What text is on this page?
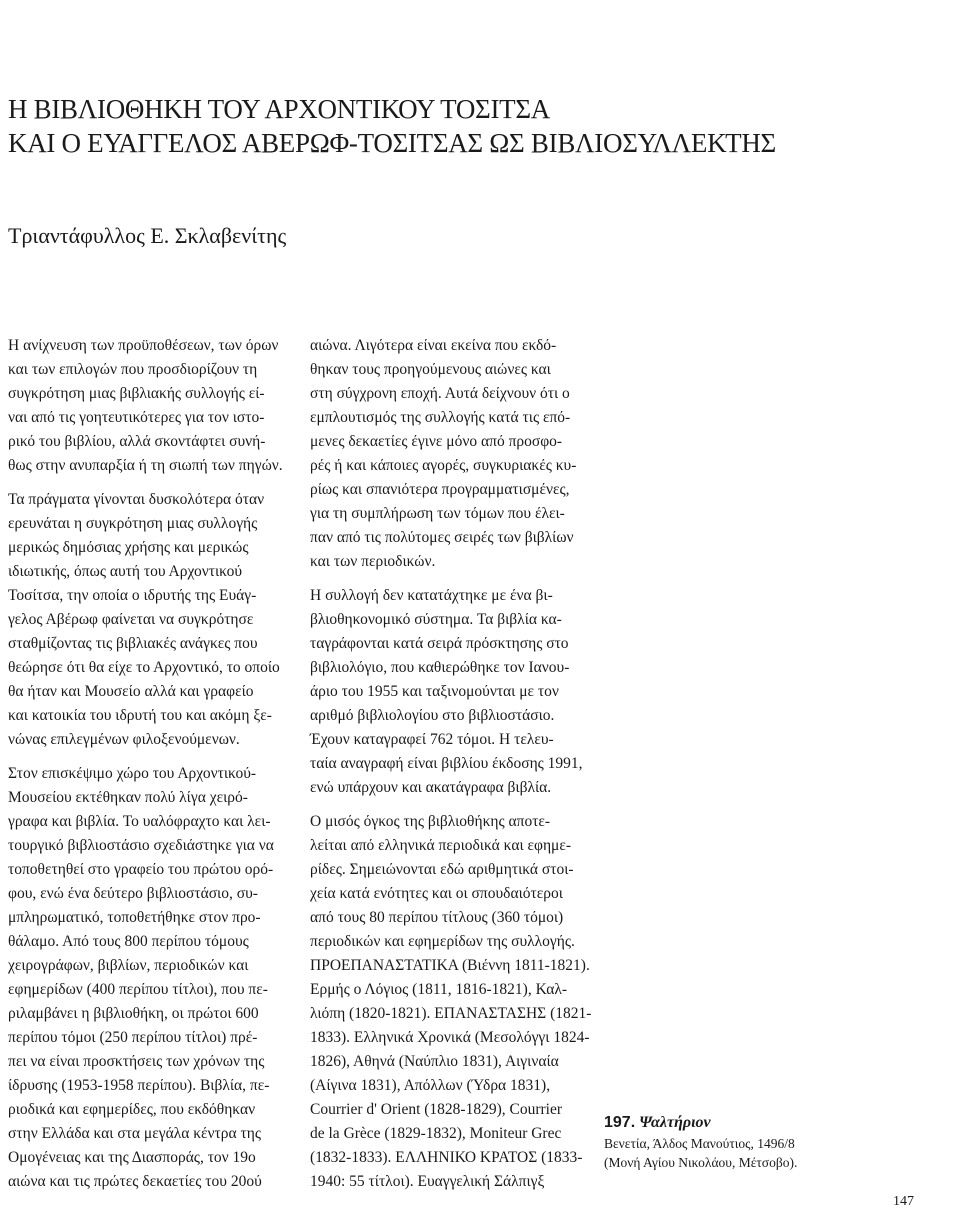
Η ΒΙΒΛΙΟΘΗΚΗ ΤΟΥ ΑΡΧΟΝΤΙΚΟΥ ΤΟΣΙΤΣΑ
ΚΑΙ Ο ΕΥΑΓΓΕΛΟΣ ΑΒΕΡΩΦ-ΤΟΣΙΤΣΑΣ ΩΣ ΒΙΒΛΙΟΣΥΛΛΕΚΤΗΣ
Τριαντάφυλλος Ε. Σκλαβενίτης

Η ανίχνευση των προϋποθέσεων, των όρων
και των επιλογών που προσδιορίζουν τη
συγκρότηση μιας βιβλιακής συλλογής εί-
ναι από τις γοητευτικότερες για τον ιστο-
ρικό του βιβλίου, αλλά σκοντάφτει συνή-
θως στην ανυπαρξία ή τη σιωπή των πηγών.

Τα πράγματα γίνονται δυσκολότερα όταν
ερευνάται η συγκρότηση μιας συλλογής
μερικώς δημόσιας χρήσης και μερικώς
ιδιωτικής, όπως αυτή του Αρχοντικού
Τοσίτσα, την οποία ο ιδρυτής της Ευάγ-
γελος Αβέρωφ φαίνεται να συγκρότησε
σταθμίζοντας τις βιβλιακές ανάγκες που
θεώρησε ότι θα είχε το Αρχοντικό, το οποίο
θα ήταν και Μουσείο αλλά και γραφείο
και κατοικία του ιδρυτή του και ακόμη ξε-
νώνας επιλεγμένων φιλοξενούμενων.

Στον επισκέψιμο χώρο του Αρχοντικού-
Μουσείου εκτέθηκαν πολύ λίγα χειρό-
γραφα και βιβλία. Το υαλόφραχτο και λει-
τουργικό βιβλιοστάσιο σχεδιάστηκε για να
τοποθετηθεί στο γραφείο του πρώτου ορό-
φου, ενώ ένα δεύτερο βιβλιοστάσιο, συ-
μπληρωματικό, τοποθετήθηκε στον προ-
θάλαμο. Από τους 800 περίπου τόμους
χειρογράφων, βιβλίων, περιοδικών και
εφημερίδων (400 περίπου τίτλοι), που πε-
ριλαμβάνει η βιβλιοθήκη, οι πρώτοι 600
περίπου τόμοι (250 περίπου τίτλοι) πρέ-
πει να είναι προσκτήσεις των χρόνων της
ίδρυσης (1953-1958 περίπου). Βιβλία, πε-
ριοδικά και εφημερίδες, που εκδόθηκαν
στην Ελλάδα και στα μεγάλα κέντρα της
Ομογένειας και της Διασποράς, τον 19ο
αιώνα και τις πρώτες δεκαετίες του 20ού

αιώνα. Λιγότερα είναι εκείνα που εκδό-
θηκαν τους προηγούμενους αιώνες και
στη σύγχρονη εποχή. Αυτά δείχνουν ότι ο
εμπλουτισμός της συλλογής κατά τις επό-
μενες δεκαετίες έγινε μόνο από προσφο-
ρές ή και κάποιες αγορές, συγκυριακές κυ-
ρίως και σπανιότερα προγραμματισμένες,
για τη συμπλήρωση των τόμων που έλει-
παν από τις πολύτομες σειρές των βιβλίων
και των περιοδικών.

Η συλλογή δεν κατατάχτηκε με ένα βι-
βλιοθηκονομικό σύστημα. Τα βιβλία κα-
ταγράφονται κατά σειρά πρόσκτησης στο
βιβλιολόγιο, που καθιερώθηκε τον Ιανου-
άριο του 1955 και ταξινομούνται με τον
αριθμό βιβλιολογίου στο βιβλιοστάσιο.
Έχουν καταγραφεί 762 τόμοι. Η τελευ-
ταία αναγραφή είναι βιβλίου έκδοσης 1991,
ενώ υπάρχουν και ακατάγραφα βιβλία.

Ο μισός όγκος της βιβλιοθήκης αποτε-
λείται από ελληνικά περιοδικά και εφημε-
ρίδες. Σημειώνονται εδώ αριθμητικά στοι-
χεία κατά ενότητες και οι σπουδαιότεροι
από τους 80 περίπου τίτλους (360 τόμοι)
περιοδικών και εφημερίδων της συλλογής.
ΠΡΟΕΠΑΝΑΣΤΑΤΙΚΑ (Βιέννη 1811-1821).
Ερμής ο Λόγιος (1811, 1816-1821), Καλ-
λιόπη (1820-1821). ΕΠΑΝΑΣΤΑΣΗΣ (1821-
1833). Ελληνικά Χρονικά (Μεσολόγγι 1824-
1826), Αθηνά (Ναύπλιο 1831), Αιγιναία
(Αίγινα 1831), Απόλλων (Ύδρα 1831),
Courrier d' Orient (1828-1829), Courrier
de la Grèce (1829-1832), Moniteur Grec
(1832-1833). ΕΛΛΗΝΙΚΟ ΚΡΑΤΟΣ (1833-
1940: 55 τίτλοι). Ευαγγελική Σάλπιγξ

197. Ψαλτήριον
Βενετία, Άλδος Μανούτιος, 1496/8
(Μονή Αγίου Νικολάου, Μέτσοβο).
147
